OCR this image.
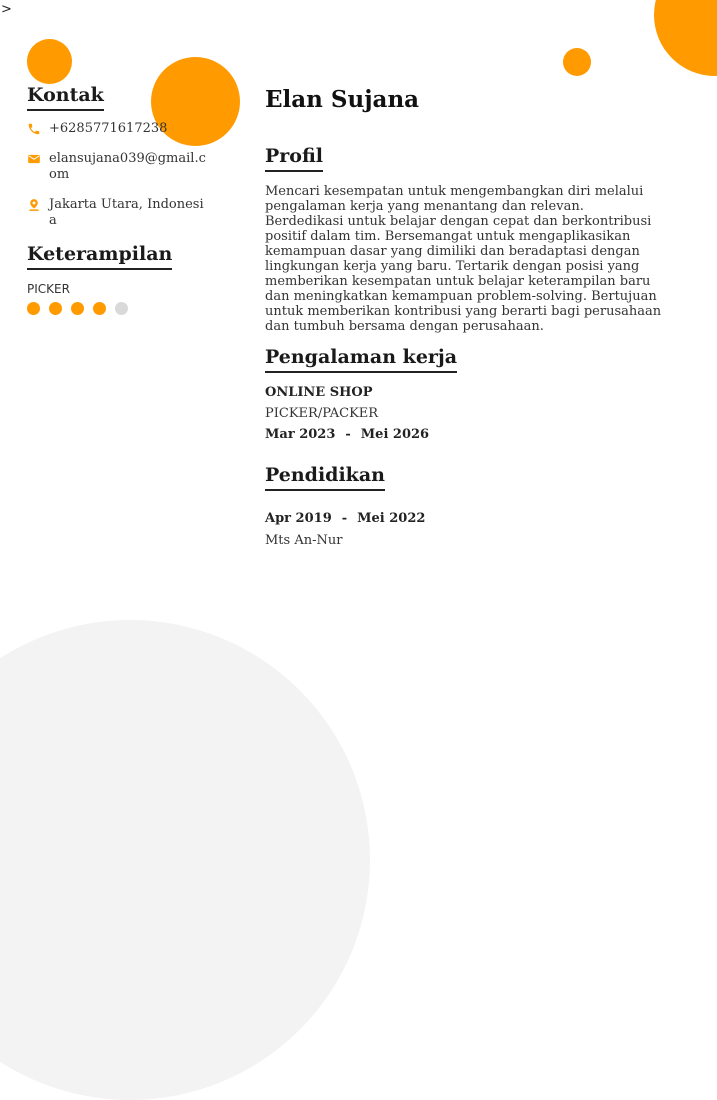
>
Kontak
+6285771617238
elansujana039@gmail.com
Jakarta Utara, Indonesia
Keterampilan
PICKER
Elan Sujana
Profil
Mencari kesempatan untuk mengembangkan diri melalui pengalaman kerja yang menantang dan relevan. Berdedikasi untuk belajar dengan cepat dan berkontribusi positif dalam tim. Bersemangat untuk mengaplikasikan kemampuan dasar yang dimiliki dan beradaptasi dengan lingkungan kerja yang baru. Tertarik dengan posisi yang memberikan kesempatan untuk belajar keterampilan baru dan meningkatkan kemampuan problem-solving. Bertujuan untuk memberikan kontribusi yang berarti bagi perusahaan dan tumbuh bersama dengan perusahaan.
Pengalaman kerja
ONLINE SHOP
PICKER/PACKER
Mar 2023 - Mei 2026
Pendidikan
Apr 2019 - Mei 2022
Mts An-Nur
